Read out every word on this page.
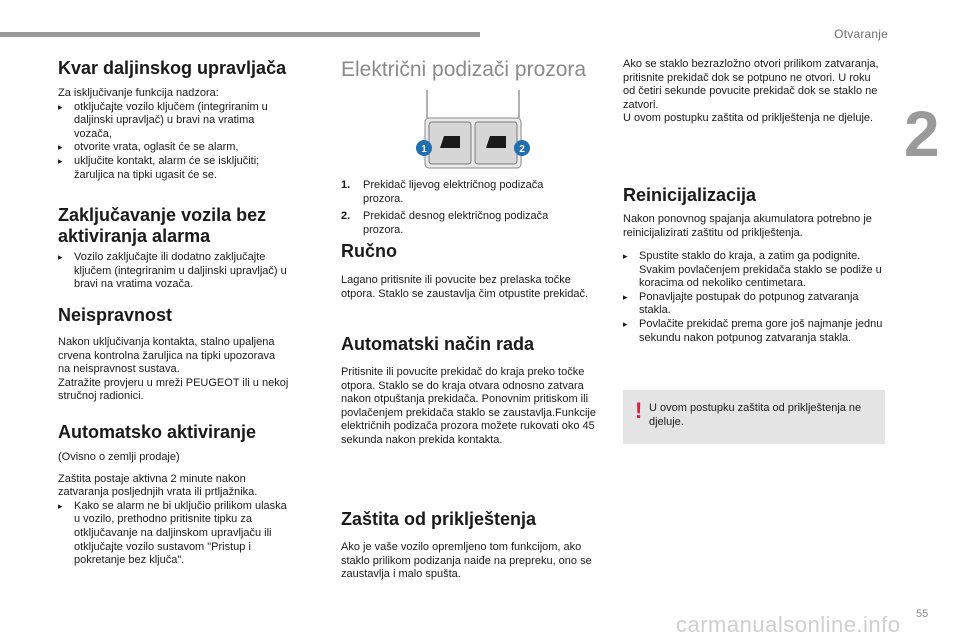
Otvaranje
2
Kvar daljinskog upravljača
Za isključivanje funkcija nadzora:
▸ otključajte vozilo ključem (integriranim u daljinski upravljač) u bravi na vratima vozača,
▸ otvorite vrata, oglasit će se alarm,
▸ uključite kontakt, alarm će se isključiti; žaruljica na tipki ugasit će se.
Zaključavanje vozila bez aktiviranja alarma
▸ Vozilo zaključajte ili dodatno zaključajte ključem (integriranim u daljinski upravljač) u bravi na vratima vozača.
Neispravnost
Nakon uključivanja kontakta, stalno upaljena crvena kontrolna žaruljica na tipki upozorava na neispravnost sustava.
Zatražite provjeru u mreži PEUGEOT ili u nekoj stručnoj radionici.
Automatsko aktiviranje
(Ovisno o zemlji prodaje)
Zaštita postaje aktivna 2 minute nakon zatvaranja posljednjih vrata ili prtljažnika.
▸ Kako se alarm ne bi uključio prilikom ulaska u vozilo, prethodno pritisnite tipku za otključavanje na daljinskom upravljaču ili otključajte vozilo sustavom "Pristup i pokretanje bez ključa".
Električni podizači prozora
1	2
1. Prekidač lijevog električnog podizača prozora.
2. Prekidač desnog električnog podizača prozora.
Ručno
Lagano pritisnite ili povucite bez prelaska točke otpora. Staklo se zaustavlja čim otpustite prekidač.
Automatski način rada
Pritisnite ili povucite prekidač do kraja preko točke otpora. Staklo se do kraja otvara odnosno zatvara nakon otpuštanja prekidača. Ponovnim pritiskom ili povlačenjem prekidača staklo se zaustavlja.Funkcije električnih podizača prozora možete rukovati oko 45 sekunda nakon prekida kontakta.
Zaštita od priklještenja
Ako je vaše vozilo opremljeno tom funkcijom, ako staklo prilikom podizanja naiđe na prepreku, ono se zaustavlja i malo spušta.
Ako se staklo bezrazložno otvori prilikom zatvaranja, pritisnite prekidač dok se potpuno ne otvori. U roku od četiri sekunde povucite prekidač dok se staklo ne zatvori.
U ovom postupku zaštita od priklještenja ne djeluje.
Reinicijalizacija
Nakon ponovnog spajanja akumulatora potrebno je reinicijalizirati zaštitu od priklještenja.
▸ Spustite staklo do kraja, a zatim ga podignite. Svakim povlačenjem prekidača staklo se podiže u koracima od nekoliko centimetara.
▸ Ponavljajte postupak do potpunog zatvaranja stakla.
▸ Povlačite prekidač prema gore još najmanje jednu sekundu nakon potpunog zatvaranja stakla.
! U ovom postupku zaštita od priklještenja ne djeluje.
carmanualsonline.info 55
